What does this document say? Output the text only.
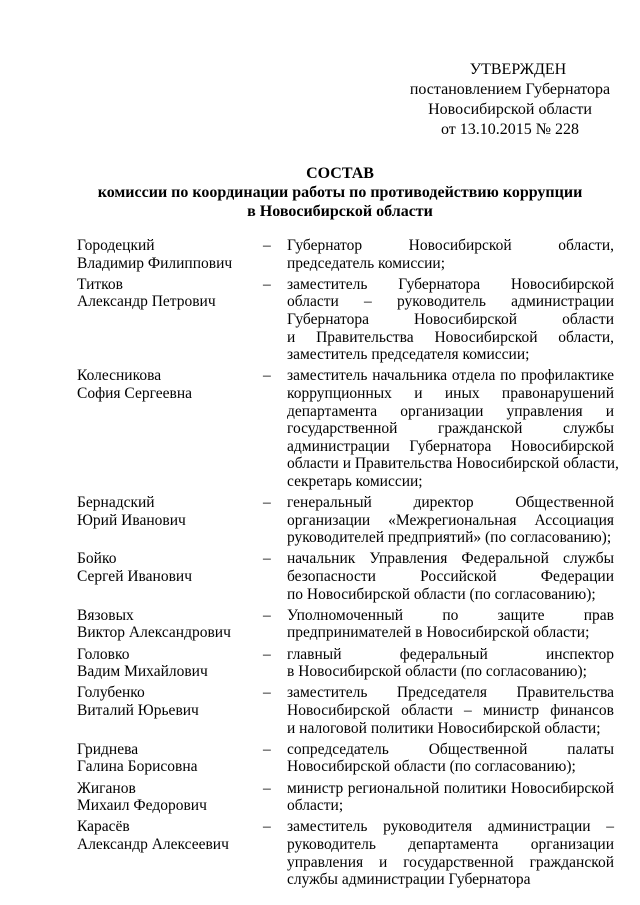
УТВЕРЖДЕН
постановлением Губернатора
Новосибирской области
от 13.10.2015 № 228
СОСТАВ
комиссии по координации работы по противодействию коррупции
в Новосибирской области
Городецкий
Владимир Филиппович
–	Губернатор Новосибирской области,
председатель комиссии;
Титков
Александр Петрович
–	заместитель Губернатора Новосибирской
области – руководитель администрации
Губернатора Новосибирской области
и Правительства Новосибирской области,
заместитель председателя комиссии;
Колесникова
София Сергеевна
–	заместитель начальника отдела по профилактике
коррупционных и иных правонарушений
департамента организации управления и
государственной гражданской службы
администрации Губернатора Новосибирской
области и Правительства Новосибирской области,
секретарь комиссии;
Бернадский
Юрий Иванович
–	генеральный директор Общественной
организации «Межрегиональная Ассоциация
руководителей предприятий» (по согласованию);
Бойко
Сергей Иванович
–	начальник Управления Федеральной службы
безопасности Российской Федерации
по Новосибирской области (по согласованию);
Вязовых
Виктор Александрович
–	Уполномоченный по защите прав
предпринимателей в Новосибирской области;
Головко
Вадим Михайлович
–	главный федеральный инспектор
в Новосибирской области (по согласованию);
Голубенко
Виталий Юрьевич
–	заместитель Председателя Правительства
Новосибирской области – министр финансов
и налоговой политики Новосибирской области;
Гриднева
Галина Борисовна
–	сопредседатель Общественной палаты
Новосибирской области (по согласованию);
Жиганов
Михаил Федорович
–	министр региональной политики Новосибирской
области;
Карасёв
Александр Алексеевич
–	заместитель руководителя администрации –
руководитель департамента организации
управления и государственной гражданской
службы администрации Губернатора
